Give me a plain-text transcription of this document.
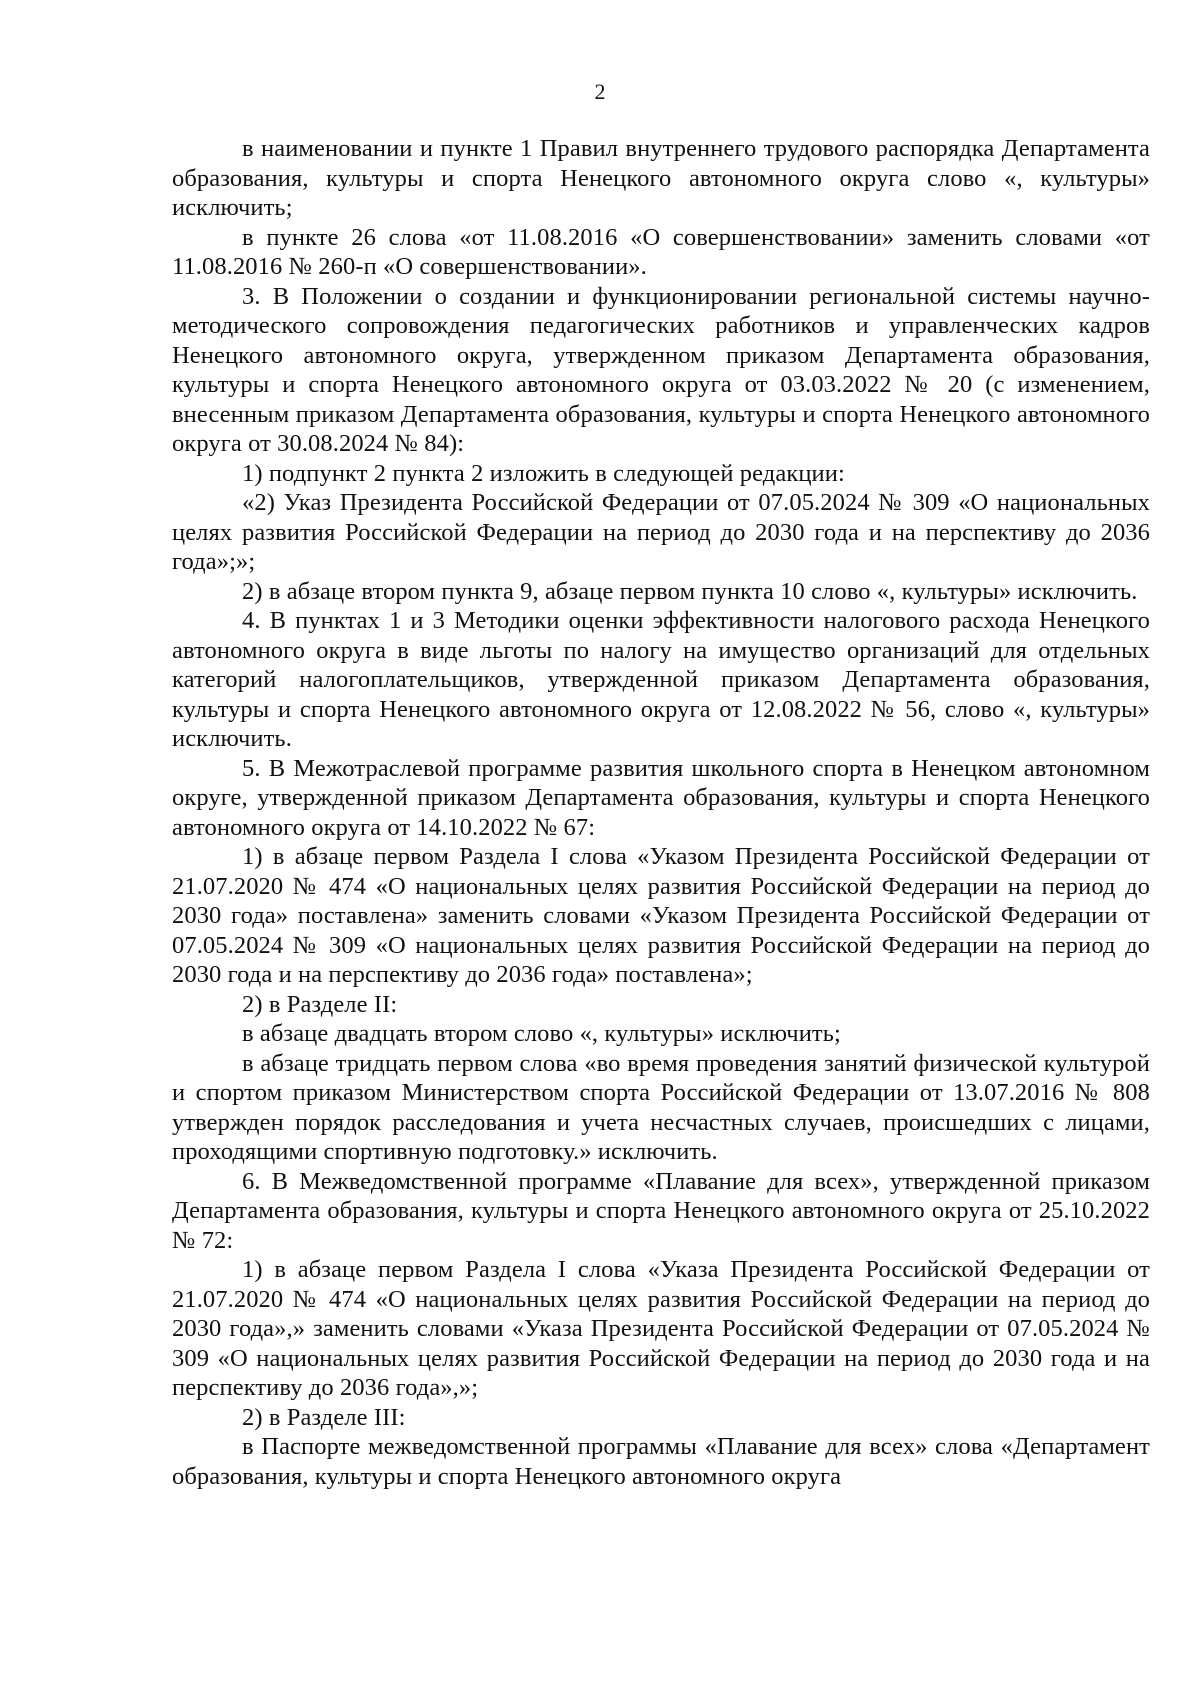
2

в наименовании и пункте 1 Правил внутреннего трудового распорядка Департамента образования, культуры и спорта Ненецкого автономного округа слово «, культуры» исключить;

в пункте 26 слова «от 11.08.2016 «О совершенствовании» заменить словами «от 11.08.2016 № 260-п «О совершенствовании».

3. В Положении о создании и функционировании региональной системы научно-методического сопровождения педагогических работников и управленческих кадров Ненецкого автономного округа, утвержденном приказом Департамента образования, культуры и спорта Ненецкого автономного округа от 03.03.2022 № 20 (с изменением, внесенным приказом Департамента образования, культуры и спорта Ненецкого автономного округа от 30.08.2024 № 84):

1) подпункт 2 пункта 2 изложить в следующей редакции:

«2) Указ Президента Российской Федерации от 07.05.2024 № 309 «О национальных целях развития Российской Федерации на период до 2030 года и на перспективу до 2036 года»;»;

2) в абзаце втором пункта 9, абзаце первом пункта 10 слово «, культуры» исключить.

4. В пунктах 1 и 3 Методики оценки эффективности налогового расхода Ненецкого автономного округа в виде льготы по налогу на имущество организаций для отдельных категорий налогоплательщиков, утвержденной приказом Департамента образования, культуры и спорта Ненецкого автономного округа от 12.08.2022 № 56, слово «, культуры» исключить.

5. В Межотраслевой программе развития школьного спорта в Ненецком автономном округе, утвержденной приказом Департамента образования, культуры и спорта Ненецкого автономного округа от 14.10.2022 № 67:

1) в абзаце первом Раздела I слова «Указом Президента Российской Федерации от 21.07.2020 № 474 «О национальных целях развития Российской Федерации на период до 2030 года» поставлена» заменить словами «Указом Президента Российской Федерации от 07.05.2024 № 309 «О национальных целях развития Российской Федерации на период до 2030 года и на перспективу до 2036 года» поставлена»;

2) в Разделе II:

в абзаце двадцать втором слово «, культуры» исключить;

в абзаце тридцать первом слова «во время проведения занятий физической культурой и спортом приказом Министерством спорта Российской Федерации от 13.07.2016 № 808 утвержден порядок расследования и учета несчастных случаев, происшедших с лицами, проходящими спортивную подготовку.» исключить.

6. В Межведомственной программе «Плавание для всех», утвержденной приказом Департамента образования, культуры и спорта Ненецкого автономного округа от 25.10.2022 № 72:

1) в абзаце первом Раздела I слова «Указа Президента Российской Федерации от 21.07.2020 № 474 «О национальных целях развития Российской Федерации на период до 2030 года»,» заменить словами «Указа Президента Российской Федерации от 07.05.2024 № 309 «О национальных целях развития Российской Федерации на период до 2030 года и на перспективу до 2036 года»,»;

2) в Разделе III:

в Паспорте межведомственной программы «Плавание для всех» слова «Департамент образования, культуры и спорта Ненецкого автономного округа
